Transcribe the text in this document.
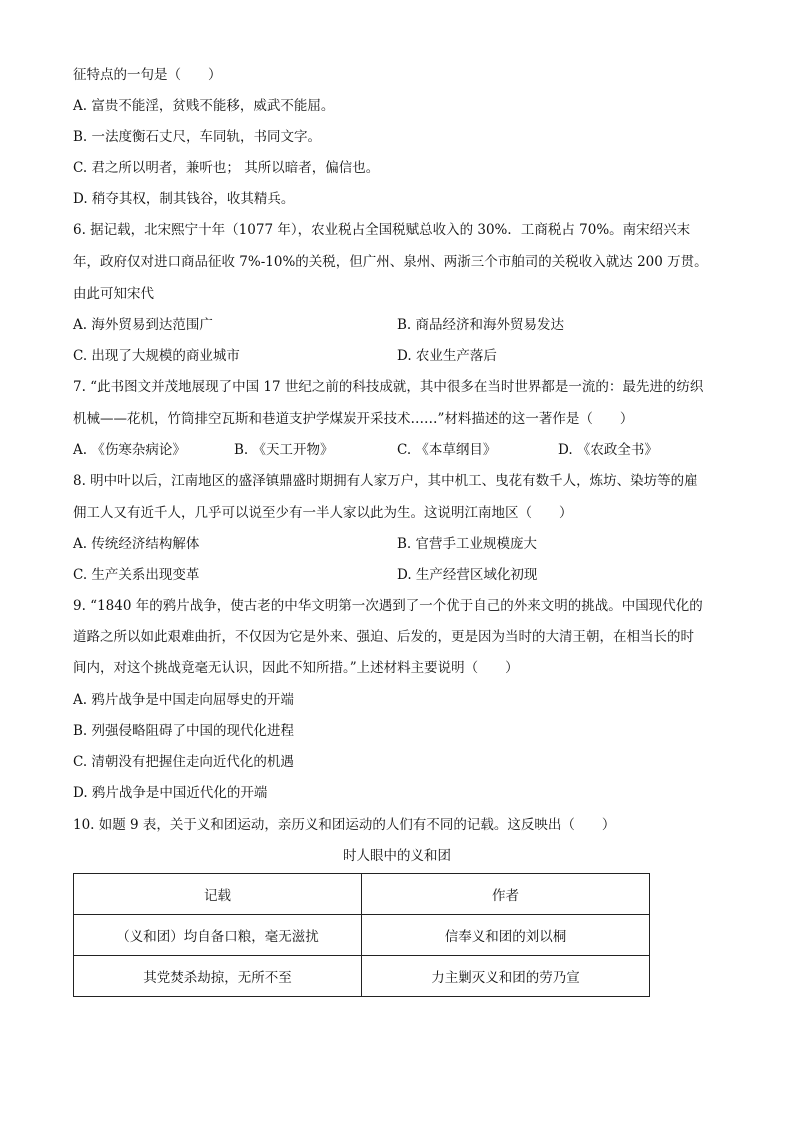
征特点的一句是（　　）
A. 富贵不能淫，贫贱不能移，威武不能屈。
B. 一法度衡石丈尺，车同轨，书同文字。
C. 君之所以明者，兼听也； 其所以暗者，偏信也。
D. 稍夺其权，制其钱谷，收其精兵。
6. 据记载，北宋熙宁十年（1077 年），农业税占全国税赋总收入的 30%．工商税占 70%。南宋绍兴末
年，政府仅对进口商品征收 7%-10%的关税，但广州、泉州、两浙三个市舶司的关税收入就达 200 万贯。
由此可知宋代
A. 海外贸易到达范围广	B. 商品经济和海外贸易发达
C. 出现了大规模的商业城市	D. 农业生产落后
7. “此书图文并茂地展现了中国 17 世纪之前的科技成就，其中很多在当时世界都是一流的：最先进的纺织
机械——花机，竹筒排空瓦斯和巷道支护学煤炭开采技术……”材料描述的这一著作是（　　）
A. 《伤寒杂病论》	B. 《天工开物》	C. 《本草纲目》	D. 《农政全书》
8. 明中叶以后，江南地区的盛泽镇鼎盛时期拥有人家万户，其中机工、曳花有数千人，炼坊、染坊等的雇
佣工人又有近千人，几乎可以说至少有一半人家以此为生。这说明江南地区（　　）
A. 传统经济结构解体	B. 官营手工业规模庞大
C. 生产关系出现变革	D. 生产经营区域化初现
9. “1840 年的鸦片战争，使古老的中华文明第一次遇到了一个优于自己的外来文明的挑战。中国现代化的
道路之所以如此艰难曲折，不仅因为它是外来、强迫、后发的，更是因为当时的大清王朝，在相当长的时
间内，对这个挑战竟毫无认识，因此不知所措。”上述材料主要说明（　　）
A. 鸦片战争是中国走向屈辱史的开端
B. 列强侵略阻碍了中国的现代化进程
C. 清朝没有把握住走向近代化的机遇
D. 鸦片战争是中国近代化的开端
10. 如题 9 表，关于义和团运动，亲历义和团运动的人们有不同的记载。这反映出（　　）
时人眼中的义和团
记载	作者
（义和团）均自备口粮，毫无滋扰	信奉义和团的刘以桐
其党焚杀劫掠，无所不至	力主剿灭义和团的劳乃宣
